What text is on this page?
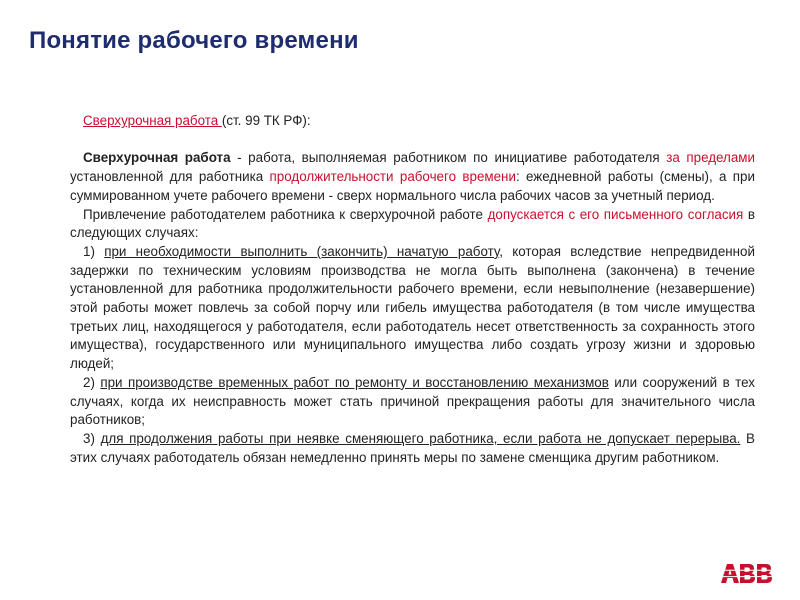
Понятие рабочего времени

Сверхурочная работа (ст. 99 ТК РФ):

Сверхурочная работа - работа, выполняемая работником по инициативе работодателя за пределами установленной для работника продолжительности рабочего времени: ежедневной работы (смены), а при суммированном учете рабочего времени - сверх нормального числа рабочих часов за учетный период.

Привлечение работодателем работника к сверхурочной работе допускается с его письменного согласия в следующих случаях:

1) при необходимости выполнить (закончить) начатую работу, которая вследствие непредвиденной задержки по техническим условиям производства не могла быть выполнена (закончена) в течение установленной для работника продолжительности рабочего времени, если невыполнение (незавершение) этой работы может повлечь за собой порчу или гибель имущества работодателя (в том числе имущества третьих лиц, находящегося у работодателя, если работодатель несет ответственность за сохранность этого имущества), государственного или муниципального имущества либо создать угрозу жизни и здоровью людей;

2) при производстве временных работ по ремонту и восстановлению механизмов или сооружений в тех случаях, когда их неисправность может стать причиной прекращения работы для значительного числа работников;

3) для продолжения работы при неявке сменяющего работника, если работа не допускает перерыва. В этих случаях работодатель обязан немедленно принять меры по замене сменщика другим работником.
